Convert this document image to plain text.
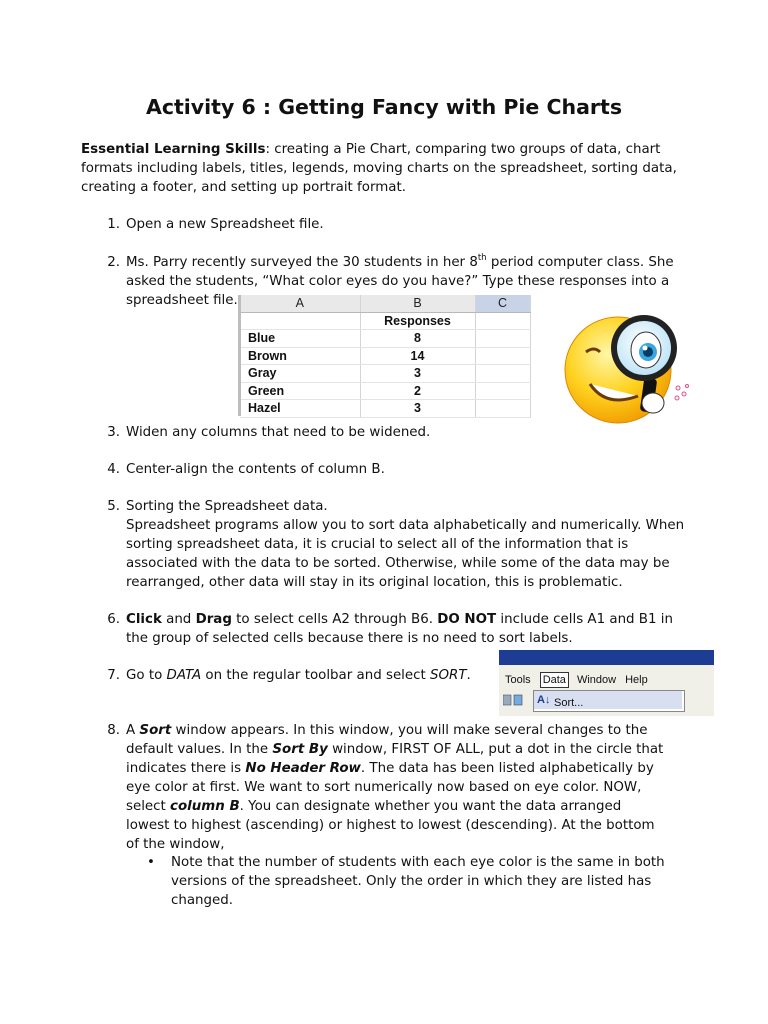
Activity 6 : Getting Fancy with Pie Charts
Essential Learning Skills: creating a Pie Chart, comparing two groups of data, chart formats including labels, titles, legends, moving charts on the spreadsheet, sorting data, creating a footer, and setting up portrait format.
1. Open a new Spreadsheet file.
2. Ms. Parry recently surveyed the 30 students in her 8th period computer class. She asked the students, “What color eyes do you have?” Type these responses into a spreadsheet file.	A	B	C
	Responses	
Blue	8	
Brown	14	
Gray	3	
Green	2	
Hazel	3	
3. Widen any columns that need to be widened.
4. Center-align the contents of column B.
5. Sorting the Spreadsheet data.
Spreadsheet programs allow you to sort data alphabetically and numerically. When sorting spreadsheet data, it is crucial to select all of the information that is associated with the data to be sorted. Otherwise, while some of the data may be rearranged, other data will stay in its original location, this is problematic.
6. Click and Drag to select cells A2 through B6. DO NOT include cells A1 and B1 in the group of selected cells because there is no need to sort labels.
7. Go to DATA on the regular toolbar and select SORT.	Tools Data Window Help
A↓ Sort...
8. A Sort window appears. In this window, you will make several changes to the default values. In the Sort By window, FIRST OF ALL, put a dot in the circle that indicates there is No Header Row. The data has been listed alphabetically by eye color at first. We want to sort numerically now based on eye color. NOW, select column B. You can designate whether you want the data arranged lowest to highest (ascending) or highest to lowest (descending). At the bottom of the window,
• Note that the number of students with each eye color is the same in both versions of the spreadsheet. Only the order in which they are listed has changed.
